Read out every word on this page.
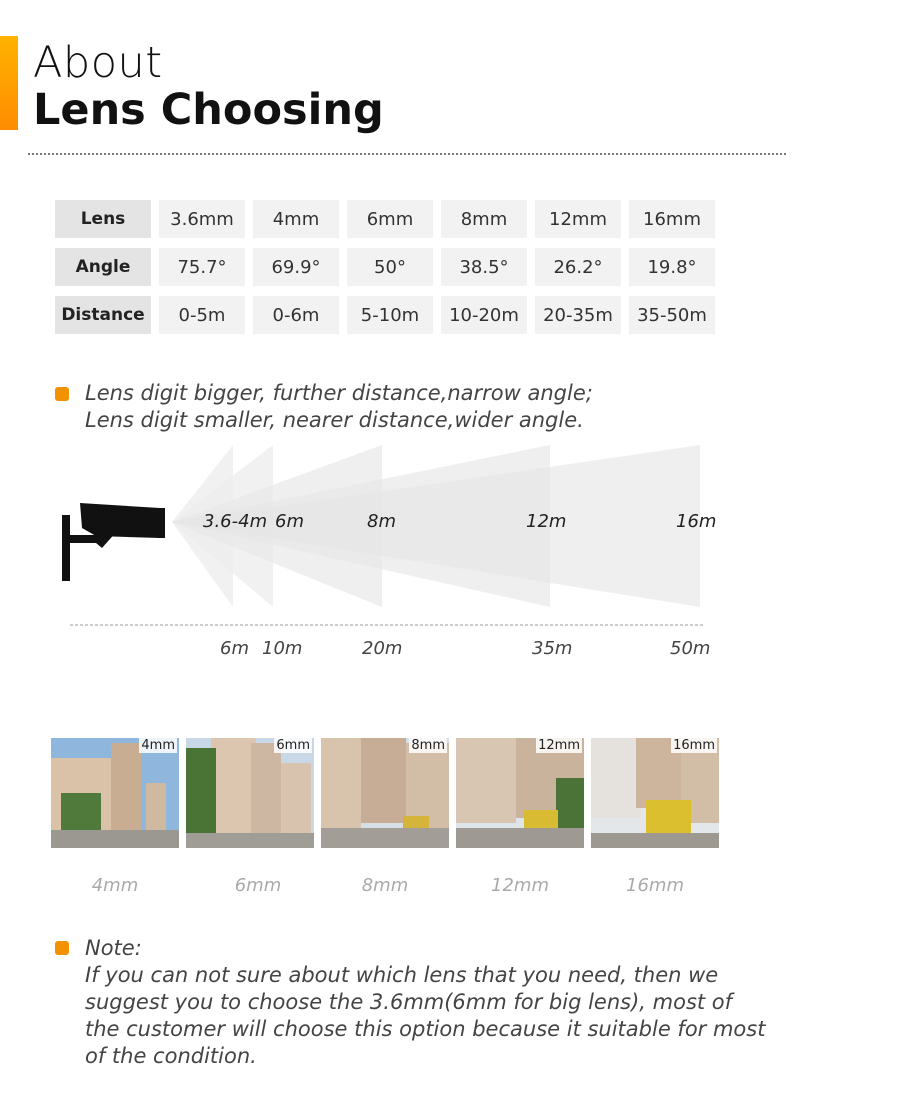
About
Lens Choosing
Lens	3.6mm	4mm	6mm	8mm	12mm	16mm
Angle	75.7°	69.9°	50°	38.5°	26.2°	19.8°
Distance	0-5m	0-6m	5-10m	10-20m	20-35m	35-50m
Lens digit bigger, further distance,narrow angle;
Lens digit smaller, nearer distance,wider angle.
3.6-4m 6m	8m	12m	16m
6m 10m	20m	35m	50m
4mm	6mm	8mm	12mm	16mm
4mm	6mm	8mm	12mm	16mm
Note:
If you can not sure about which lens that you need, then we
suggest you to choose the 3.6mm(6mm for big lens), most of
the customer will choose this option because it suitable for most
of the condition.
